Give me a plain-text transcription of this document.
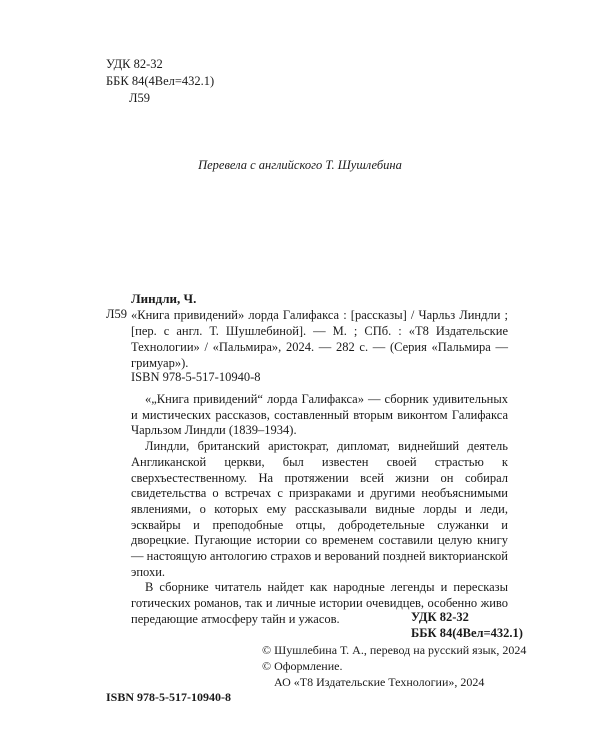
УДК 82-32
ББК 84(4Вел=432.1)
Л59
Перевела с английского Т. Шушлебина
Линдли, Ч.
Л59 «Книга привидений» лорда Галифакса : [рассказы] / Чарльз Линдли ; [пер. с англ. Т. Шушлебиной]. — М. ; СПб. : «Т8 Издательские Технологии» / «Пальмира», 2024. — 282 с. — (Серия «Пальмира — гримуар»).
ISBN 978-5-517-10940-8

«„Книга привидений“ лорда Галифакса» — сборник удивительных и мистических рассказов, составленный вторым виконтом Галифакса Чарльзом Линдли (1839–1934).

Линдли, британский аристократ, дипломат, виднейший деятель Англиканской церкви, был известен своей страстью к сверхъестественному. На протяжении всей жизни он собирал свидетельства о встречах с призраками и другими необъяснимыми явлениями, о которых ему рассказывали видные лорды и леди, эсквайры и преподобные отцы, добродетельные служанки и дворецкие. Пугающие истории со временем составили целую книгу — настоящую антологию страхов и верований поздней викторианской эпохи.

В сборнике читатель найдет как народные легенды и пересказы готических романов, так и личные истории очевидцев, особенно живо передающие атмосферу тайн и ужасов.	УДК 82-32
ББК 84(4Вел=432.1)
ISBN 978-5-517-10940-8
© Шушлебина Т. А., перевод на русский язык, 2024
© Оформление.
АО «Т8 Издательские Технологии», 2024
